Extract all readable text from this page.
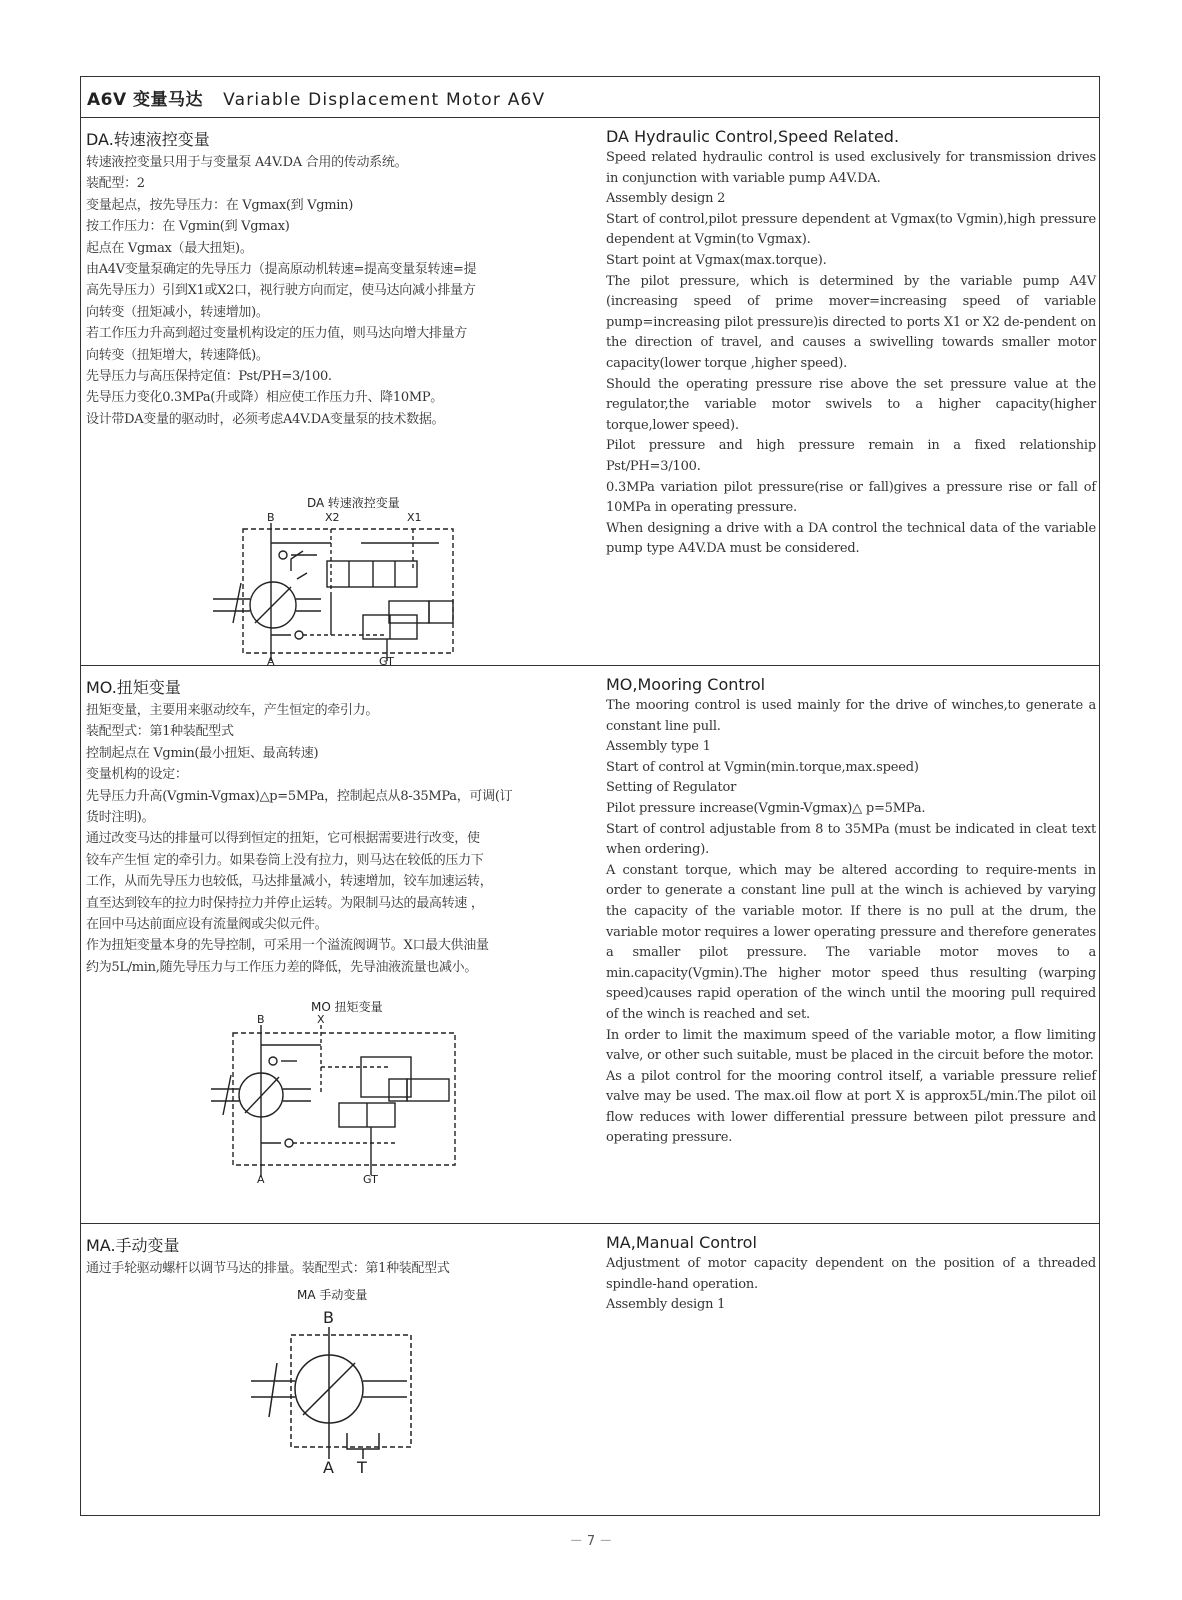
A6V 变量马达 Variable Displacement Motor A6V
DA.转速液控变量

转速液控变量只用于与变量泵 A4V.DA 合用的传动系统。

装配型：2

变量起点，按先导压力：在 Vgmax(到 Vgmin)

按工作压力：在 Vgmin(到 Vgmax)

起点在 Vgmax（最大扭矩)。

由A4V变量泵确定的先导压力（提高原动机转速=提高变量泵转速=提

高先导压力）引到X1或X2口，视行驶方向而定，使马达向减小排量方

向转变（扭矩减小，转速增加)。

若工作压力升高到超过变量机构设定的压力值，则马达向增大排量方

向转变（扭矩增大，转速降低)。

先导压力与高压保持定值：Pst/PH=3/100.

先导压力变化0.3MPa(升或降）相应使工作压力升、降10MP。

设计带DA变量的驱动时，必须考虑A4V.DA变量泵的技术数据。

DA 转速液控变量
B	X2	X1
A	GT
DA Hydraulic Control,Speed Related.

Speed related hydraulic control is used exclusively for transmission drives in conjunction with variable pump A4V.DA.

Assembly design 2

Start of control,pilot pressure dependent at Vgmax(to Vgmin),high pressure dependent at Vgmin(to Vgmax).

Start point at Vgmax(max.torque).

The pilot pressure, which is determined by the variable pump A4V (increasing speed of prime mover=increasing speed of variable pump=increasing pilot pressure)is directed to ports X1 or X2 de-pendent on the direction of travel, and causes a swivelling towards smaller motor capacity(lower torque ,higher speed).

Should the operating pressure rise above the set pressure value at the regulator,the variable motor swivels to a higher capacity(higher torque,lower speed).

Pilot pressure and high pressure remain in a fixed relationship Pst/PH=3/100.

0.3MPa variation pilot pressure(rise or fall)gives a pressure rise or fall of 10MPa in operating pressure.

When designing a drive with a DA control the technical data of the variable pump type A4V.DA must be considered.

MO.扭矩变量

扭矩变量，主要用来驱动绞车，产生恒定的牵引力。

装配型式：第1种装配型式

控制起点在 Vgmin(最小扭矩、最高转速)

变量机构的设定：

先导压力升高(Vgmin-Vgmax)△p=5MPa，控制起点从8-35MPa，可调(订

货时注明)。

通过改变马达的排量可以得到恒定的扭矩，它可根据需要进行改变，使

铰车产生恒 定的牵引力。如果卷筒上没有拉力，则马达在较低的压力下

工作，从而先导压力也较低，马达排量减小，转速增加，铰车加速运转，

直至达到铰车的拉力时保持拉力并停止运转。为限制马达的最高转速 ，

在回中马达前面应设有流量阀或尖似元件。

作为扭矩变量本身的先导控制，可采用一个溢流阀调节。X口最大供油量

约为5L/min,随先导压力与工作压力差的降低，先导油液流量也减小。

MO 扭矩变量
B	X
A	GT
MO,Mooring Control

The mooring control is used mainly for the drive of winches,to generate a constant line pull.

Assembly type 1

Start of control at Vgmin(min.torque,max.speed)

Setting of Regulator

Pilot pressure increase(Vgmin-Vgmax)△ p=5MPa.

Start of control adjustable from 8 to 35MPa (must be indicated in cleat text when ordering).

A constant torque, which may be altered according to require-ments in order to generate a constant line pull at the winch is achieved by varying the capacity of the variable motor. If there is no pull at the drum, the variable motor requires a lower operating pressure and therefore generates a smaller pilot pressure. The variable motor moves to a min.capacity(Vgmin).The higher motor speed thus resulting (warping speed)causes rapid operation of the winch until the mooring pull required of the winch is reached and set.

In order to limit the maximum speed of the variable motor, a flow limiting valve, or other such suitable, must be placed in the circuit before the motor.

As a pilot control for the mooring control itself, a variable pressure relief valve may be used. The max.oil flow at port X is approx5L/min.The pilot oil flow reduces with lower differential pressure between pilot pressure and operating pressure.

MA.手动变量

通过手轮驱动螺杆以调节马达的排量。装配型式：第1种装配型式

MA 手动变量
B
A T
MA,Manual Control

Adjustment of motor capacity dependent on the position of a threaded spindle-hand operation.

Assembly design 1

－ 7 －
